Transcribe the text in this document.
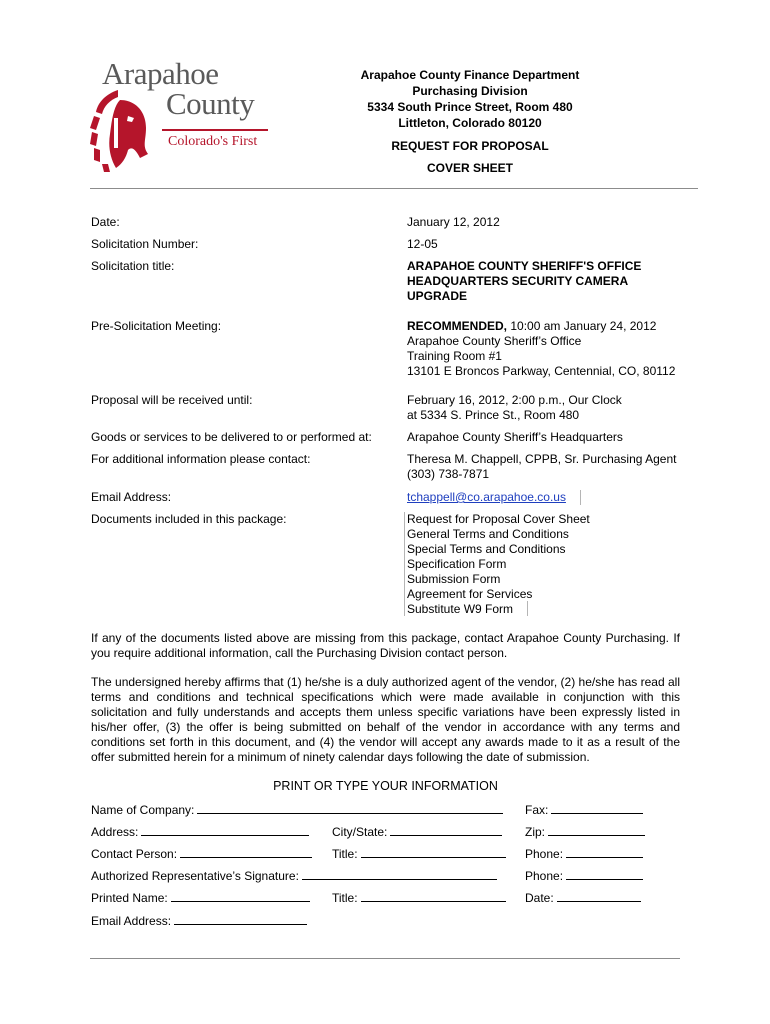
Arapahoe
County
Colorado's First
Arapahoe County Finance Department
Purchasing Division
5334 South Prince Street, Room 480
Littleton, Colorado 80120
REQUEST FOR PROPOSAL
COVER SHEET
Date:	January 12, 2012
Solicitation Number:	12-05
Solicitation title:	ARAPAHOE COUNTY SHERIFF'S OFFICE
HEADQUARTERS SECURITY CAMERA
UPGRADE
Pre-Solicitation Meeting:	RECOMMENDED, 10:00 am January 24, 2012
Arapahoe County Sheriff’s Office
Training Room #1
13101 E Broncos Parkway, Centennial, CO, 80112
Proposal will be received until:	February 16, 2012, 2:00 p.m., Our Clock
at 5334 S. Prince St., Room 480
Goods or services to be delivered to or performed at:	Arapahoe County Sheriff’s Headquarters
For additional information please contact:	Theresa M. Chappell, CPPB, Sr. Purchasing Agent
(303) 738-7871
Email Address:	tchappell@co.arapahoe.co.us
Documents included in this package:	Request for Proposal Cover Sheet
General Terms and Conditions
Special Terms and Conditions
Specification Form
Submission Form
Agreement for Services
Substitute W9 Form
If any of the documents listed above are missing from this package, contact Arapahoe County Purchasing. If you require additional information, call the Purchasing Division contact person.
The undersigned hereby affirms that (1) he/she is a duly authorized agent of the vendor, (2) he/she has read all terms and conditions and technical specifications which were made available in conjunction with this solicitation and fully understands and accepts them unless specific variations have been expressly listed in his/her offer, (3) the offer is being submitted on behalf of the vendor in accordance with any terms and conditions set forth in this document, and (4) the vendor will accept any awards made to it as a result of the offer submitted herein for a minimum of ninety calendar days following the date of submission.
PRINT OR TYPE YOUR INFORMATION
Name of Company:	Fax:
Address:	City/State:	Zip:
Contact Person:	Title:	Phone:
Authorized Representative’s Signature:	Phone:
Printed Name:	Title:	Date:
Email Address:
